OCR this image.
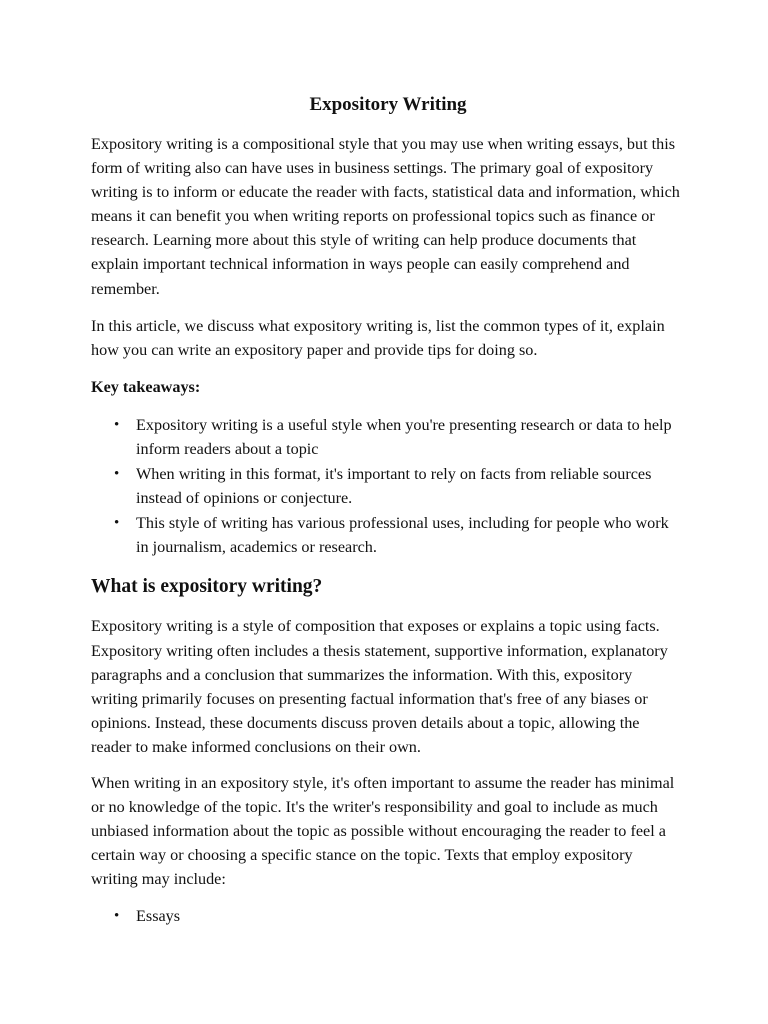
Expository Writing

Expository writing is a compositional style that you may use when writing essays, but this form of writing also can have uses in business settings. The primary goal of expository writing is to inform or educate the reader with facts, statistical data and information, which means it can benefit you when writing reports on professional topics such as finance or research. Learning more about this style of writing can help produce documents that explain important technical information in ways people can easily comprehend and remember.

In this article, we discuss what expository writing is, list the common types of it, explain how you can write an expository paper and provide tips for doing so.

Key takeaways:
• Expository writing is a useful style when you're presenting research or data to help inform readers about a topic
• When writing in this format, it's important to rely on facts from reliable sources instead of opinions or conjecture.
• This style of writing has various professional uses, including for people who work in journalism, academics or research.
What is expository writing?

Expository writing is a style of composition that exposes or explains a topic using facts. Expository writing often includes a thesis statement, supportive information, explanatory paragraphs and a conclusion that summarizes the information. With this, expository writing primarily focuses on presenting factual information that's free of any biases or opinions. Instead, these documents discuss proven details about a topic, allowing the reader to make informed conclusions on their own.

When writing in an expository style, it's often important to assume the reader has minimal or no knowledge of the topic. It's the writer's responsibility and goal to include as much unbiased information about the topic as possible without encouraging the reader to feel a certain way or choosing a specific stance on the topic. Texts that employ expository writing may include:

• Essays
